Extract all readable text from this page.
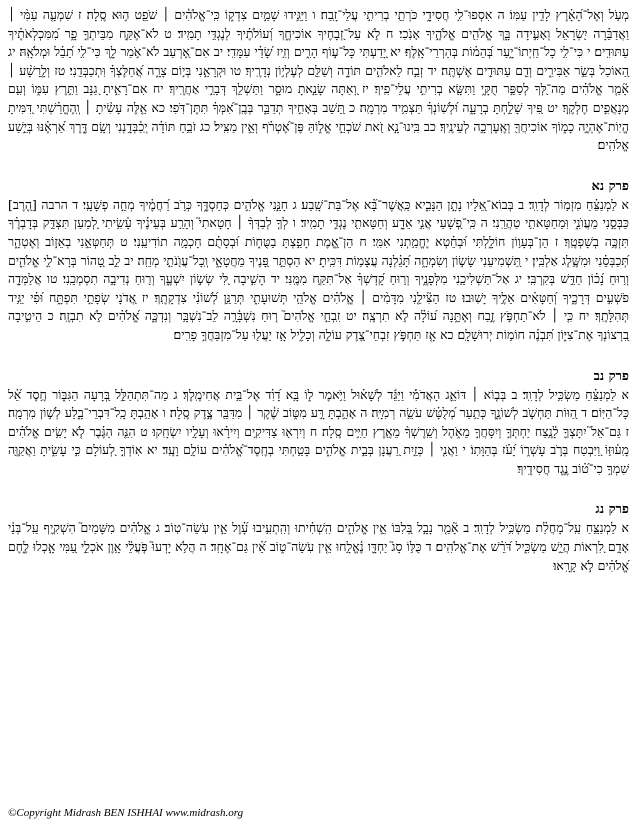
מְעֹ֥ל וְאֶל־הָ֝אָ֗רֶץ לָדִ֥ין עַמּֽוֹ׃ ה אִסְפוּ־לִ֥י חֲסִידָ֑י כֹּרְתֵ֖י בְרִיתִ֣י עֲלֵי־זָֽבַח׃ ו וַיַּגִּ֣ידוּ שָׁמַ֣יִם צִדְק֑וֹ כִּֽי־אֱלֹהִ֓ים ׀ שֹׁפֵ֖ט ה֣וּא סֶֽלָה׃ ז שִׁמְעָ֤ה עַמִּ֨י ׀ וַאֲדַבֵּ֗רָה יִ֭שְׂרָאֵל וְאָעִ֣ידָה בָּ֑ךְ אֱלֹהִ֖ים אֱלֹהֶ֣יךָ אָנֹֽכִי׃ ח לֹ֣א עַל־זְ֭בָחֶיךָ אוֹכִיחֶ֑ךָ וְ֝עוֹלֹתֶ֗יךָ לְנֶגְדִּ֥י תָמִֽיד׃ ט לֹא־אֶקַּ֣ח מִבֵּיתְךָ֣ פָ֑ר מִ֝מִּכְלְאֹתֶ֗יךָ עַתּוּדִֽים׃ י כִּי־לִ֥י כָל־חַֽיְתוֹ־יָ֑עַר בְּ֝הֵמ֗וֹת בְּהַרְרֵי־אָֽלֶף׃ יא יָ֭דַעְתִּי כָּל־ע֣וֹף הָרִ֑ים וְזִ֥יז שָׂ֝דַ֗י עִמָּדִֽי׃ יב אִם־אֶ֭רְעַב לֹא־אֹ֣מַר לָ֑ךְ כִּי־לִ֥י תֵ֝בֵ֗ל וּמְלֹאָֽהּ׃ יג הַ֭אוֹכַל בְּשַׂ֣ר אַבִּירִ֑ים וְדַ֖ם עַתּוּדִ֣ים אֶשְׁתֶּֽה׃ יד זְבַ֣ח לֵאלֹהִ֣ים תּוֹדָ֑ה וְשַׁלֵּ֖ם לְעֶלְי֣וֹן נְדָרֶֽיךָ׃ טו וּקְרָאֵ֣נִי בְּי֣וֹם צָרָ֑ה אֲ֝חַלֶּצְךָ֗ וּֽתְכַבְּדֵֽנִי׃ טז וְלָ֤רָשָׁ֨ע ׀ אָ֘מַ֤ר אֱלֹהִ֗ים מַה־לְּ֭ךָ לְסַפֵּ֣ר חֻקָּ֑י וַתִּשָּׂ֖א בְרִיתִ֣י עֲלֵי־פִֽיךָ׃ יז וְ֭אַתָּה שָׂנֵ֣אתָ מוּסָ֑ר וַתַּשְׁלֵ֖ךְ דְּבָרַ֣י אַחֲרֶֽיךָ׃ יח אִם־רָאִ֣יתָ גַ֭נָּב וַתִּ֣רֶץ עִמּ֑וֹ וְעִ֖ם מְנָאֲפִ֣ים חֶלְקֶֽךָ׃ יט פִּ֭יךָ שָׁלַ֣חְתָּ בְרָעָ֑ה וּ֝לְשֽׁוֹנְךָ֗ תַּצְמִ֥יד מִרְמָֽה׃ כ תֵּ֭שֵׁב בְּאָחִ֣יךָ תְדַבֵּ֑ר בְּבֶֽן־אִ֝מְּךָ֗ תִּתֶּן־דֹּֽפִי׃ כא אֵ֤לֶּה עָשִׂ֨יתָ ׀ וְֽהֶחֱרַ֗שְׁתִּי דִּ֭מִּיתָ הֱיֽוֹת־אֶהְיֶ֣ה כָמ֑וֹךָ אוֹכִיחֲךָ֖ וְאֶֽעֶרְכָ֣ה לְעֵינֶֽיךָ׃ כב בִּֽינוּ־נָ֣א זֹ֭את שֹׁכְחֵ֣י אֱל֑וֹהַּ פֶּן־אֶ֝טְרֹ֗ף וְאֵ֣ין מַצִּֽיל׃ כג זֹבֵ֥חַ תּוֹדָ֗ה יְֽכַ֫בְּדָ֥נְנִי וְשָׂ֥ם דֶּ֑רֶךְ אַ֝רְאֶ֗נּוּ בְּיֵ֣שַׁע אֱלֹהִֽים׃

פרק נא

א לַמְנַצֵּ֗חַ מִזְמ֥וֹר לְדָוִֽד׃ ב בְּבוֹא־אֵ֭לָיו נָתָ֣ן הַנָּבִ֑יא כַּֽאֲשֶׁר־בָּ֝֗א אֶל־בַּת־שָֽׁבַע׃ ג חָנֵּ֣נִי אֱלֹהִ֣ים כְּחַסְדֶּ֑ךָ כְּרֹ֥ב רַ֝חֲמֶ֗יךָ מְחֵ֣ה פְשָׁעָֽי׃ ד הרבה [הֶ֭רֶב] כַּבְּסֵ֣נִי מֵעֲוֺנִ֑י וּֽמֵחַטָּאתִ֥י טַהֲרֵֽנִי׃ ה כִּֽי־פְ֭שָׁעַי אֲנִ֣י אֵדָ֑ע וְחַטָּאתִ֖י נֶגְדִּ֣י תָמִֽיד׃ ו לְךָ֤ לְבַדְּךָ֨ ׀ חָטָאתִי֮ וְהָרַ֥ע בְּעֵינֶ֗יךָ עָ֫שִׂ֥יתִי לְ֭מַעַן תִּצְדַּ֥ק בְּדָבְרֶ֗ךָ תִּזְכֶּ֥ה בְשָׁפְטֶֽךָ׃ ז הֵן־בְּעָו֥וֹן חוֹלָ֑לְתִּי וּ֝בְחֵ֗טְא יֶחֱמַ֥תְנִי אִמִּֽי׃ ח הֵן־אֱ֭מֶת חָפַ֣צְתָּ בַטֻּח֑וֹת וּ֝בְסָתֻ֗ם חָכְמָ֥ה תוֹדִיעֵֽנִי׃ ט תְּחַטְּאֵ֣נִי בְאֵז֣וֹב וְאֶטְהָ֑ר תְּ֝כַבְּסֵ֗נִי וּמִשֶּׁ֥לֶג אַלְבִּֽין׃ י תַּ֭שְׁמִיעֵנִי שָׂשׂ֣וֹן וְשִׂמְחָ֑ה תָּ֝גֵ֗לְנָה עֲצָמ֥וֹת דִּכִּֽיתָ׃ יא הַסְתֵּ֣ר פָּ֭נֶיךָ מֵחֲטָאָ֑י וְֽכָל־עֲוֺ֖נֹתַ֣י מְחֵֽה׃ יב לֵ֣ב טָ֭הוֹר בְּרָא־לִ֣י אֱלֹהִ֑ים וְר֥וּחַ נָ֝כ֗וֹן חַדֵּ֥שׁ בְּקִרְבִּֽי׃ יג אַל־תַּשְׁלִיכֵ֥נִי מִלְּפָנֶ֑יךָ וְר֥וּחַ קָ֝דְשְׁךָ֗ אַל־תִּקַּ֥ח מִמֶּֽנִּי׃ יד הָשִׁ֣יבָה לִּ֭י שְׂשׂ֣וֹן יִשְׁעֶ֑ךָ וְר֖וּחַ נְדִיבָ֣ה תִסְמְכֵֽנִי׃ טו אֲלַמְּדָ֣ה פֹשְׁעִ֣ים דְּרָכֶ֑יךָ וְ֝חַטָּאִ֗ים אֵלֶ֥יךָ יָשֽׁוּבוּ׃ טז הַצִּ֘ילֵ֤נִי מִדָּמִ֨ים ׀ אֱֽלֹהִ֗ים אֱלֹהֵ֥י תְּשׁוּעָתִ֑י תְּרַנֵּ֥ן לְ֝שׁוֹנִ֗י צִדְקָתֶֽךָ׃ יז אֲ֭דֹנָי שְׂפָתַ֣י תִּפְתָּ֑ח וּ֝פִ֗י יַגִּ֥יד תְּהִלָּתֶֽךָ׃ יח כִּ֤י ׀ לֹא־תַחְפֹּ֣ץ זֶ֣בַח וְאֶתֵּ֑נָה ע֝וֹלָ֗ה לֹ֣א תִרְצֶֽה׃ יט זִֽבְחֵ֣י אֱלֹהִים֮ ר֤וּחַ נִשְׁבָּ֫רָ֥ה לֵב־נִשְׁבָּ֥ר וְנִדְכֶּ֑ה אֱ֝לֹהִ֗ים לֹ֣א תִבְזֶֽה׃ כ הֵיטִ֣יבָה בִ֭רְצוֹנְךָ אֶת־צִיּ֑וֹן תִּ֝בְנֶ֗ה חוֹמ֥וֹת יְרוּשָׁלִָֽם׃ כא אָ֤ז תַּחְפֹּ֣ץ זִבְחֵי־צֶ֭דֶק עוֹלָ֣ה וְכָלִ֑יל אָ֥ז יַעֲל֖וּ עַל־מִזְבַּחֲךָ֣ פָרִֽים׃

פרק נב

א לַמְנַצֵּ֗חַ מַשְׂכִּ֥יל לְדָוִֽד׃ ב בְּב֤וֹא ׀ דּוֹאֵ֪ג הָאֲדֹמִ֡י וַיַּגֵּ֬ד לְשָׁא֗וּל וַיֹּ֥אמֶר ל֑וֹ בָּ֥א דָ֝וִ֗ד אֶל־בֵּ֥ית אֲחִימֶֽלֶךְ׃ ג מַה־תִּתְהַלֵּ֣ל בְּ֭רָעָה הַגִּבּ֑וֹר חֶ֥סֶד אֵ֝֗ל כָּל־הַיּֽוֹם׃ ד הַ֭וּוֹת תַּחְשֹׁ֣ב לְשׁוֹנֶ֑ךָ כְּתַ֥עַר מְ֝לֻטָּ֗שׁ עֹשֵׂ֥ה רְמִיָּֽה׃ ה אָהַ֣בְתָּ רָּ֣ע מִטּ֑וֹב שֶׁ֓קֶר ׀ מִדַּבֵּ֖ר צֶ֣דֶק סֶֽלָה׃ ו אָהַ֥בְתָּ כָֽל־דִּבְרֵי־בָ֑לַע לְשׁ֣וֹן מִרְמָֽה׃ ז גַּם־אֵל֮ יִתָּצְךָ֢ לָ֫נֶ֥צַח יַחְתְּךָ֣ וְיִסָּחֲךָ֣ מֵאֹ֑הֶל וְשֵֽׁרֶשְׁךָ֨ מֵאֶ֖רֶץ חַיִּ֣ים סֶֽלָה׃ ח וְיִרְא֖וּ צַדִּיקִ֥ים וְיִירָ֗אוּ וְעָלָ֥יו יִשְׂחָֽקוּ׃ ט הִנֵּ֤ה הַגֶּ֗בֶר לֹ֤א יָשִׂ֥ים אֱלֹהִ֗ים מָֽע֫וּזּ֥וֹ וַ֭יִּבְטַח בְּרֹ֣ב עָשְׁר֑וֹ יָ֝עֹ֗ז בְּהַוָּתֽוֹ׃ י וַאֲנִ֤י ׀ כְּזַ֣יִת רַ֭עֲנָן בְּבֵ֣ית אֱלֹהִ֑ים בָּטַ֥חְתִּי בְחֶֽסֶד־אֱ֝לֹהִ֗ים עוֹלָ֥ם וָעֶֽד׃ יא אֽוֹדְךָ֣ לְ֭עוֹלָם כִּ֣י עָשִׂ֑יתָ וַאֲקַוֶּ֖ה שִׁמְךָ֥ כִי־ט֝֗וֹב נֶ֣גֶד חֲסִידֶֽיךָ׃

פרק נג

א לַמְנַצֵּ֥חַ עַֽל־מָחֲלַ֗ת מַשְׂכִּ֥יל לְדָוִֽד׃ ב אָ֘מַ֤ר נָבָ֣ל בְּ֭לִבּוֹ אֵ֣ין אֱלֹהִ֑ים הִֽשְׁחִ֗יתוּ וְהִֽתְעִ֥יבוּ עָ֝֗וֶל אֵ֣ין עֹֽשֵׂה־טֽוֹב׃ ג אֱֽלֹהִ֗ים מִשָּׁמַיִם֮ הִשְׁקִ֢יף עַֽל־בְּנֵ֫י אָדָ֥ם לִ֭רְאוֹת הֲיֵ֣שׁ מַשְׂכִּ֑יל דֹּ֝רֵ֗שׁ אֶת־אֱלֹהִֽים׃ ד כֻּלּ֥וֹ סָג֮ יַחְדָּ֢ו נֶ֫אֱלָ֥חוּ אֵ֤ין עֹֽשֵׂה־ט֑וֹב אֵ֝֗ין גַּם־אֶחָֽד׃ ה הֲלֹ֥א יָדְעוּ֮ פֹּ֤עֲלֵ֫י אָ֥וֶן אֹכְלֵ֣י עַ֭מִּי אָ֣כְלוּ לֶ֑חֶם אֱ֝לֹהִ֗ים לֹ֣א קָרָֽאוּ׃

©Copyright Midrash BEN ISHHAI www.midrash.org
